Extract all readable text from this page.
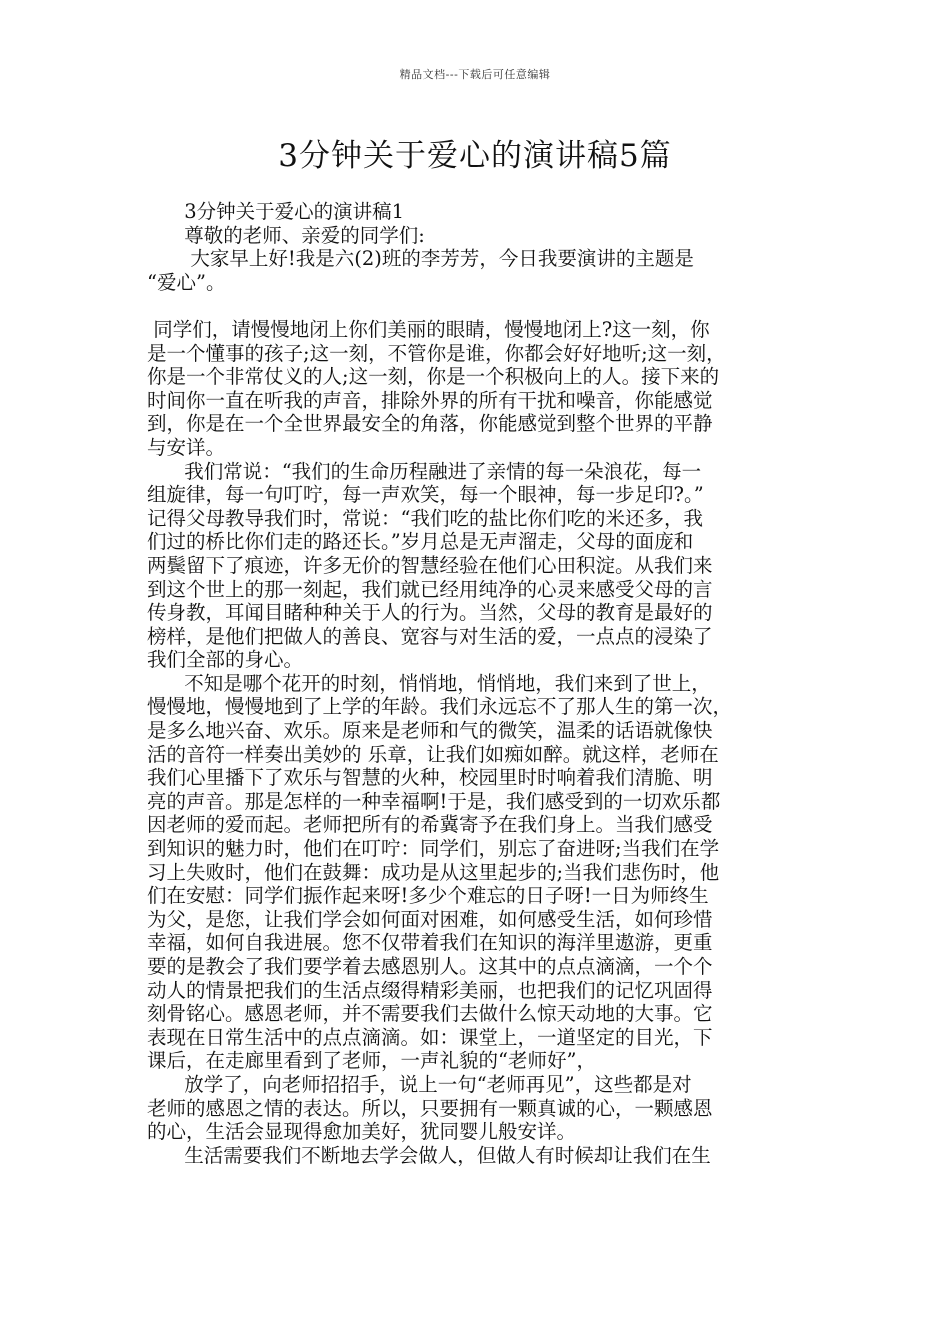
精品文档---下载后可任意编辑
3分钟关于爱心的演讲稿5篇
3分钟关于爱心的演讲稿1
尊敬的老师、亲爱的同学们:
大家早上好!我是六(2)班的李芳芳，今日我要演讲的主题是
“爱心”。
同学们，请慢慢地闭上你们美丽的眼睛，慢慢地闭上?这一刻，你
是一个懂事的孩子;这一刻，不管你是谁，你都会好好地听;这一刻，
你是一个非常仗义的人;这一刻，你是一个积极向上的人。接下来的
时间你一直在听我的声音，排除外界的所有干扰和噪音，你能感觉
到，你是在一个全世界最安全的角落，你能感觉到整个世界的平静
与安详。
我们常说：“我们的生命历程融进了亲情的每一朵浪花，每一
组旋律，每一句叮咛，每一声欢笑，每一个眼神，每一步足印?。”
记得父母教导我们时，常说：“我们吃的盐比你们吃的米还多，我
们过的桥比你们走的路还长。”岁月总是无声溜走，父母的面庞和
两鬓留下了痕迹，许多无价的智慧经验在他们心田积淀。从我们来
到这个世上的那一刻起，我们就已经用纯净的心灵来感受父母的言
传身教，耳闻目睹种种关于人的行为。当然，父母的教育是最好的
榜样，是他们把做人的善良、宽容与对生活的爱，一点点的浸染了
我们全部的身心。
不知是哪个花开的时刻，悄悄地，悄悄地，我们来到了世上，
慢慢地，慢慢地到了上学的年龄。我们永远忘不了那人生的第一次，
是多么地兴奋、欢乐。原来是老师和气的微笑，温柔的话语就像快
活的音符一样奏出美妙的 乐章，让我们如痴如醉。就这样，老师在
我们心里播下了欢乐与智慧的火种，校园里时时响着我们清脆、明
亮的声音。那是怎样的一种幸福啊!于是，我们感受到的一切欢乐都
因老师的爱而起。老师把所有的希冀寄予在我们身上。当我们感受
到知识的魅力时，他们在叮咛：同学们，别忘了奋进呀;当我们在学
习上失败时，他们在鼓舞：成功是从这里起步的;当我们悲伤时，他
们在安慰：同学们振作起来呀!多少个难忘的日子呀!一日为师终生
为父，是您，让我们学会如何面对困难，如何感受生活，如何珍惜
幸福，如何自我进展。您不仅带着我们在知识的海洋里遨游，更重
要的是教会了我们要学着去感恩别人。这其中的点点滴滴，一个个
动人的情景把我们的生活点缀得精彩美丽，也把我们的记忆巩固得
刻骨铭心。感恩老师，并不需要我们去做什么惊天动地的大事。它
表现在日常生活中的点点滴滴。如：课堂上，一道坚定的目光，下
课后，在走廊里看到了老师，一声礼貌的“老师好”，
放学了，向老师招招手，说上一句“老师再见”，这些都是对
老师的感恩之情的表达。所以，只要拥有一颗真诚的心，一颗感恩
的心，生活会显现得愈加美好，犹同婴儿般安详。
生活需要我们不断地去学会做人，但做人有时候却让我们在生
